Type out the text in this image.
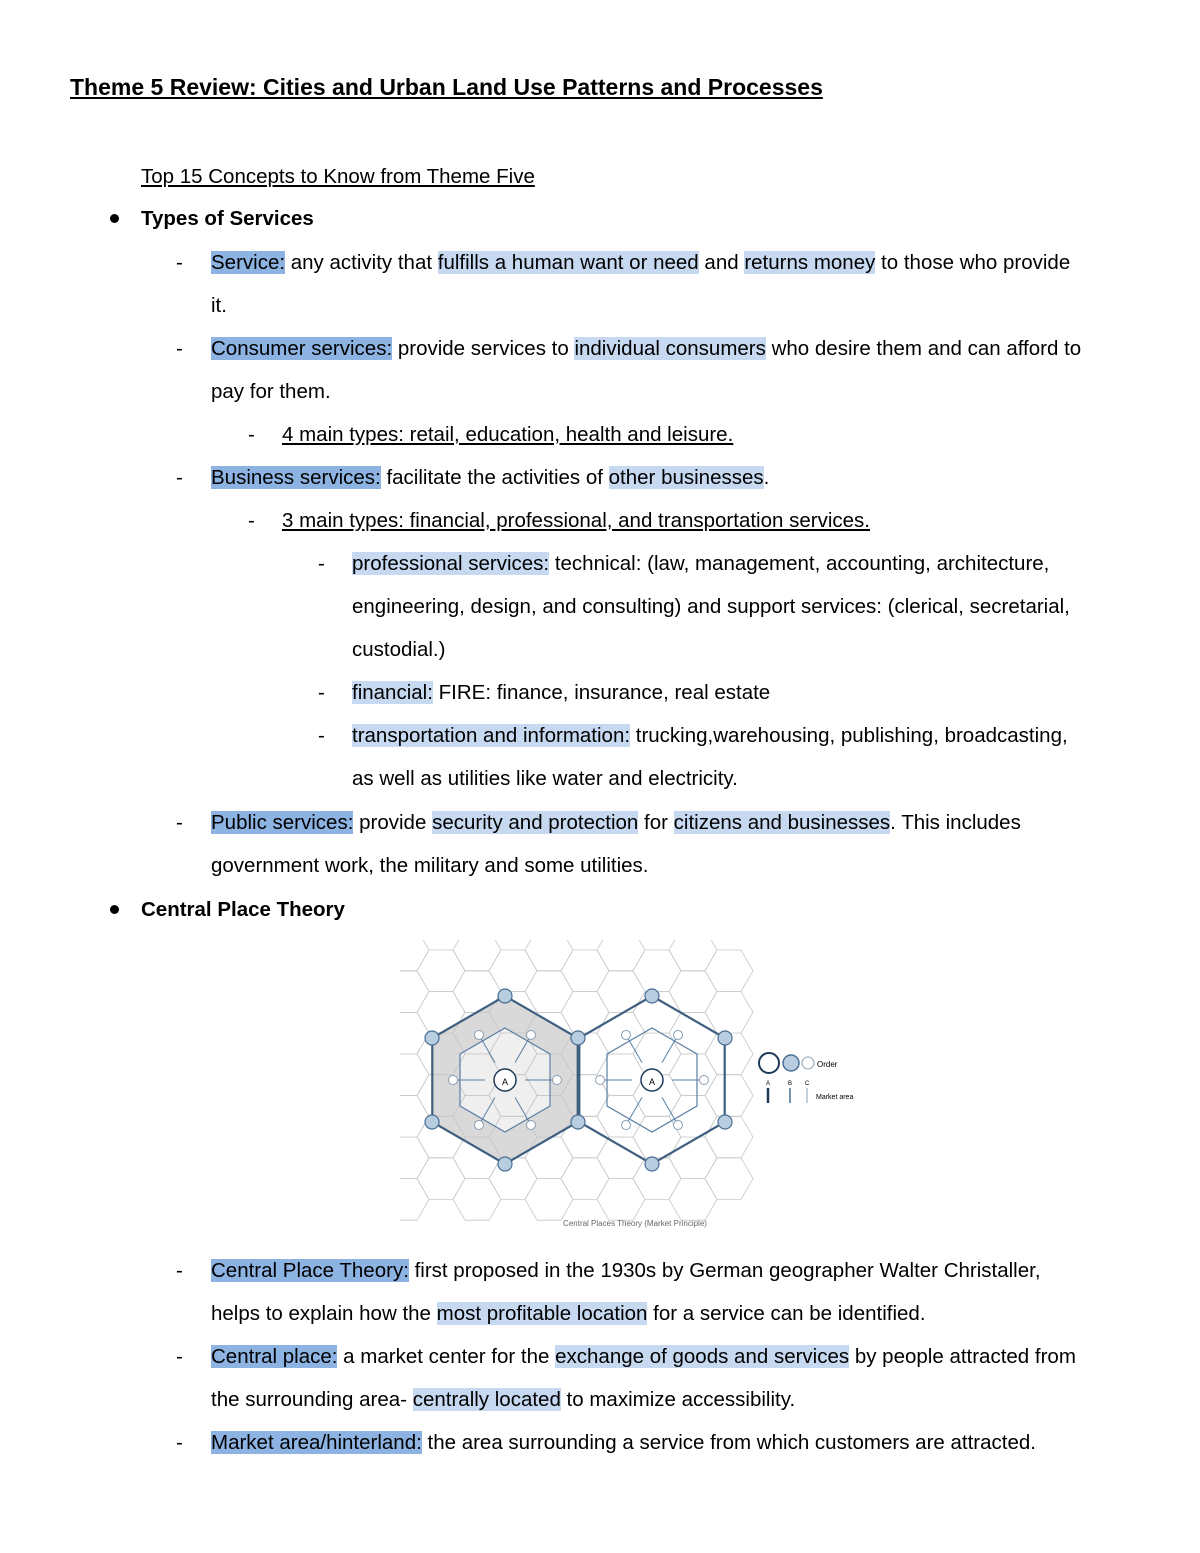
Theme 5 Review: Cities and Urban Land Use Patterns and Processes
Top 15 Concepts to Know from Theme Five
Types of Services
- Service: any activity that fulfills a human want or need and returns money to those who provide
it.
- Consumer services: provide services to individual consumers who desire them and can afford to
pay for them.
- 4 main types: retail, education, health and leisure.
- Business services: facilitate the activities of other businesses.
- 3 main types: financial, professional, and transportation services.
- professional services: technical: (law, management, accounting, architecture,
engineering, design, and consulting) and support services: (clerical, secretarial,
custodial.)
- financial: FIRE: finance, insurance, real estate
- transportation and information: trucking,warehousing, publishing, broadcasting,
as well as utilities like water and electricity.
- Public services: provide security and protection for citizens and businesses. This includes
government work, the military and some utilities.
Central Place Theory
A	A
Order
A	B C
Market area
Central Places Theory (Market Principle)
- Central Place Theory: first proposed in the 1930s by German geographer Walter Christaller,
helps to explain how the most profitable location for a service can be identified.
- Central place: a market center for the exchange of goods and services by people attracted from
the surrounding area- centrally located to maximize accessibility.
- Market area/hinterland: the area surrounding a service from which customers are attracted.
